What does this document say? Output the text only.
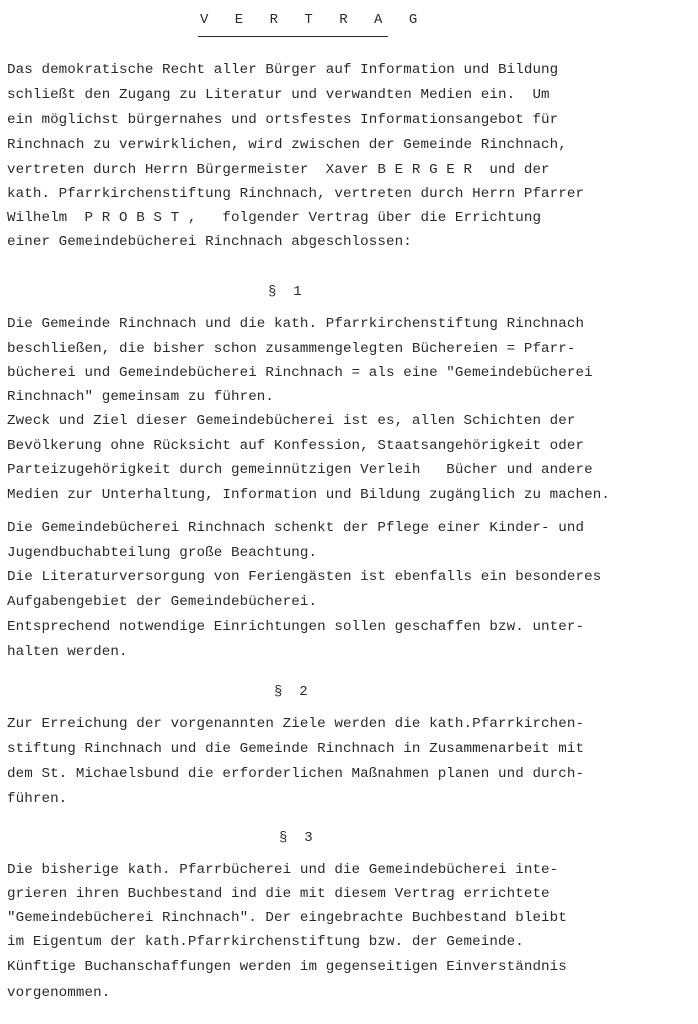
V E R T R A G
Das demokratische Recht aller Bürger auf Information und Bildung
schließt den Zugang zu Literatur und verwandten Medien ein.  Um
ein möglichst bürgernahes und ortsfestes Informationsangebot für
Rinchnach zu verwirklichen, wird zwischen der Gemeinde Rinchnach,
vertreten durch Herrn Bürgermeister  Xaver B E R G E R  und der
kath. Pfarrkirchenstiftung Rinchnach, vertreten durch Herrn Pfarrer
Wilhelm  P R O B S T ,   folgender Vertrag über die Errichtung
einer Gemeindebücherei Rinchnach abgeschlossen:
§  1
Die Gemeinde Rinchnach und die kath. Pfarrkirchenstiftung Rinchnach
beschließen, die bisher schon zusammengelegten Büchereien = Pfarr-
bücherei und Gemeindebücherei Rinchnach = als eine "Gemeindebücherei
Rinchnach" gemeinsam zu führen.
Zweck und Ziel dieser Gemeindebücherei ist es, allen Schichten der
Bevölkerung ohne Rücksicht auf Konfession, Staatsangehörigkeit oder
Parteizugehörigkeit durch gemeinnützigen Verleih   Bücher und andere
Medien zur Unterhaltung, Information und Bildung zugänglich zu machen.
Die Gemeindebücherei Rinchnach schenkt der Pflege einer Kinder- und
Jugendbuchabteilung große Beachtung.
Die Literaturversorgung von Feriengästen ist ebenfalls ein besonderes
Aufgabengebiet der Gemeindebücherei.
Entsprechend notwendige Einrichtungen sollen geschaffen bzw. unter-
halten werden.
§  2
Zur Erreichung der vorgenannten Ziele werden die kath.Pfarrkirchen-
stiftung Rinchnach und die Gemeinde Rinchnach in Zusammenarbeit mit
dem St. Michaelsbund die erforderlichen Maßnahmen planen und durch-
führen.
§  3
Die bisherige kath. Pfarrbücherei und die Gemeindebücherei inte-
grieren ihren Buchbestand ind die mit diesem Vertrag errichtete
"Gemeindebücherei Rinchnach". Der eingebrachte Buchbestand bleibt
im Eigentum der kath.Pfarrkirchenstiftung bzw. der Gemeinde.
Künftige Buchanschaffungen werden im gegenseitigen Einverständnis
vorgenommen.
